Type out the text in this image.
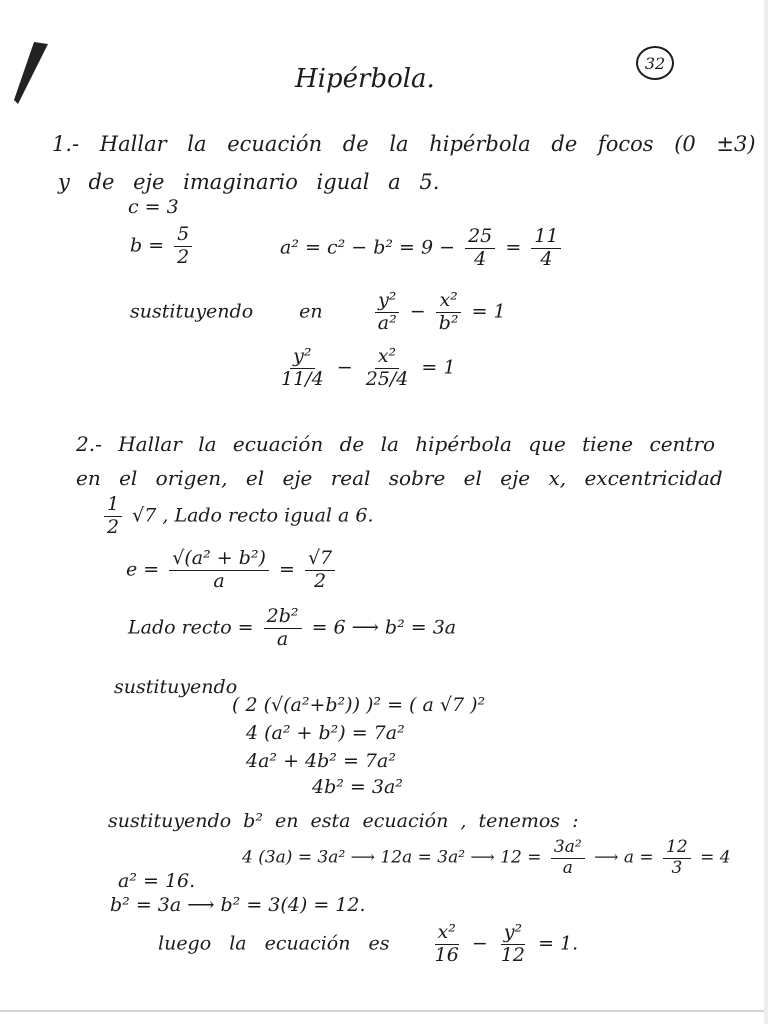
32
Hipérbola.
1.- Hallar la ecuación de la hipérbola de focos (0 ±3)
y de eje imaginario igual a 5.
c = 3
$b = \frac{5}{2}$	$a^2 = c^2 - b^2 = 9 - \frac{25}{4} = \frac{11}{4}$
sustituyendo en	$\frac{\text{y²}}{\text{a²}} - \frac{\text{x²}}{\text{b²}} = 1$
$\frac{\text{y²}}{11/4} - \frac{\text{x²}}{25/4} = 1$
2.- Hallar la ecuación de la hipérbola que tiene centro
en el origen, el eje real sobre el eje x, excentricidad
$\frac{1}{2} √7$ , Lado recto igual a 6.
$e = \frac{\text{√(a² + b²)}}{a} = \frac{√7}{2}$
Lado recto = $\frac{\text{2b²}}{a} = 6$ ⟶ b² = 3a
sustituyendo
( 2 (√(a²+b²)) )² = ( a √7 )²
4 (a² + b²) = 7a²
4a² + 4b² = 7a²
4b² = 3a²
sustituyendo b² en esta ecuación , tenemos :
4 (3a) = 3a² ⟶ 12a = 3a² ⟶ $12 = \frac{\text{3a²}}{a}$ ⟶ $a = \frac{12}{3} = 4$
a² = 16.
b² = 3a ⟶ b² = 3(4) = 12.
luego la ecuación es $\frac{\text{x²}}{16} - \frac{\text{y²}}{12} = 1$.
